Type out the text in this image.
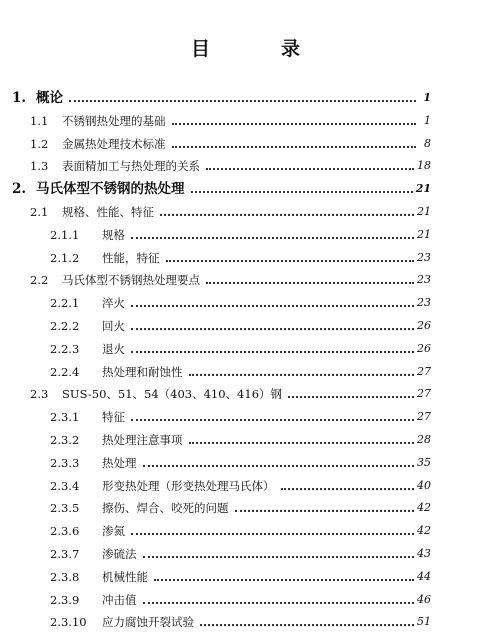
目　录
1. 概论	1
1.1	不锈钢热处理的基础	1
1.2	金属热处理技术标准	8
1.3	表面精加工与热处理的关系	18
2. 马氏体型不锈钢的热处理	21
2.1	规格、性能、特征	21
2.1.1	规格	21
2.1.2	性能，特征	23
2.2	马氏体型不锈钢热处理要点	23
2.2.1	淬火	23
2.2.2	回火	26
2.2.3	退火	26
2.2.4	热处理和耐蚀性	27
2.3	SUS-50、51、54（403、410、416）钢	27
2.3.1	特征	27
2.3.2	热处理注意事项	28
2.3.3	热处理	35
2.3.4	形变热处理（形变热处理马氏体）	40
2.3.5	擦伤、焊合、咬死的问题	42
2.3.6	渗氮	42
2.3.7	渗硫法	43
2.3.8	机械性能	44
2.3.9	冲击值	46
2.3.10	应力腐蚀开裂试验	51
